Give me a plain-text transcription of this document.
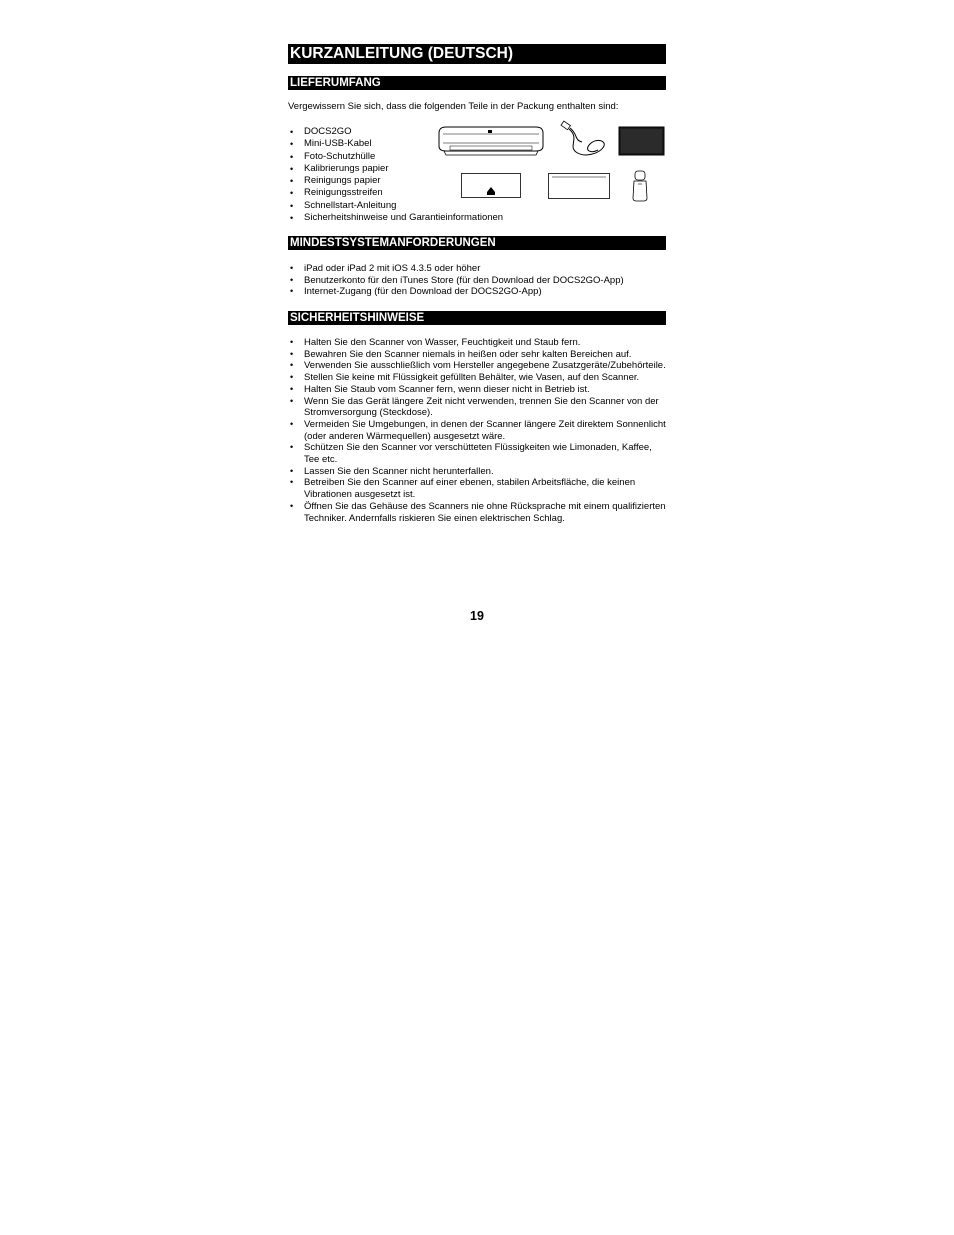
KURZANLEITUNG (DEUTSCH)
LIEFERUMFANG

Vergewissern Sie sich, dass die folgenden Teile in der Packung enthalten sind:

• DOCS2GO
• Mini-USB-Kabel
• Foto-Schutzhülle
• Kalibrierungs papier
• Reinigungs papier
• Reinigungsstreifen
• Schnellstart-Anleitung
• Sicherheitshinweise und Garantieinformationen
MINDESTSYSTEMANFORDERUNGEN
• iPad oder iPad 2 mit iOS 4.3.5 oder höher
• Benutzerkonto für den iTunes Store (für den Download der DOCS2GO-App)
• Internet-Zugang (für den Download der DOCS2GO-App)
SICHERHEITSHINWEISE
• Halten Sie den Scanner von Wasser, Feuchtigkeit und Staub fern.
• Bewahren Sie den Scanner niemals in heißen oder sehr kalten Bereichen auf.
• Verwenden Sie ausschließlich vom Hersteller angegebene Zusatzgeräte/Zubehörteile.
• Stellen Sie keine mit Flüssigkeit gefüllten Behälter, wie Vasen, auf den Scanner.
• Halten Sie Staub vom Scanner fern, wenn dieser nicht in Betrieb ist.
• Wenn Sie das Gerät längere Zeit nicht verwenden, trennen Sie den Scanner von der Stromversorgung (Steckdose).
• Vermeiden Sie Umgebungen, in denen der Scanner längere Zeit direktem Sonnenlicht (oder anderen Wärmequellen) ausgesetzt wäre.
• Schützen Sie den Scanner vor verschütteten Flüssigkeiten wie Limonaden, Kaffee, Tee etc.
• Lassen Sie den Scanner nicht herunterfallen.
• Betreiben Sie den Scanner auf einer ebenen, stabilen Arbeitsfläche, die keinen Vibrationen ausgesetzt ist.
• Öffnen Sie das Gehäuse des Scanners nie ohne Rücksprache mit einem qualifizierten Techniker. Andernfalls riskieren Sie einen elektrischen Schlag.
19
